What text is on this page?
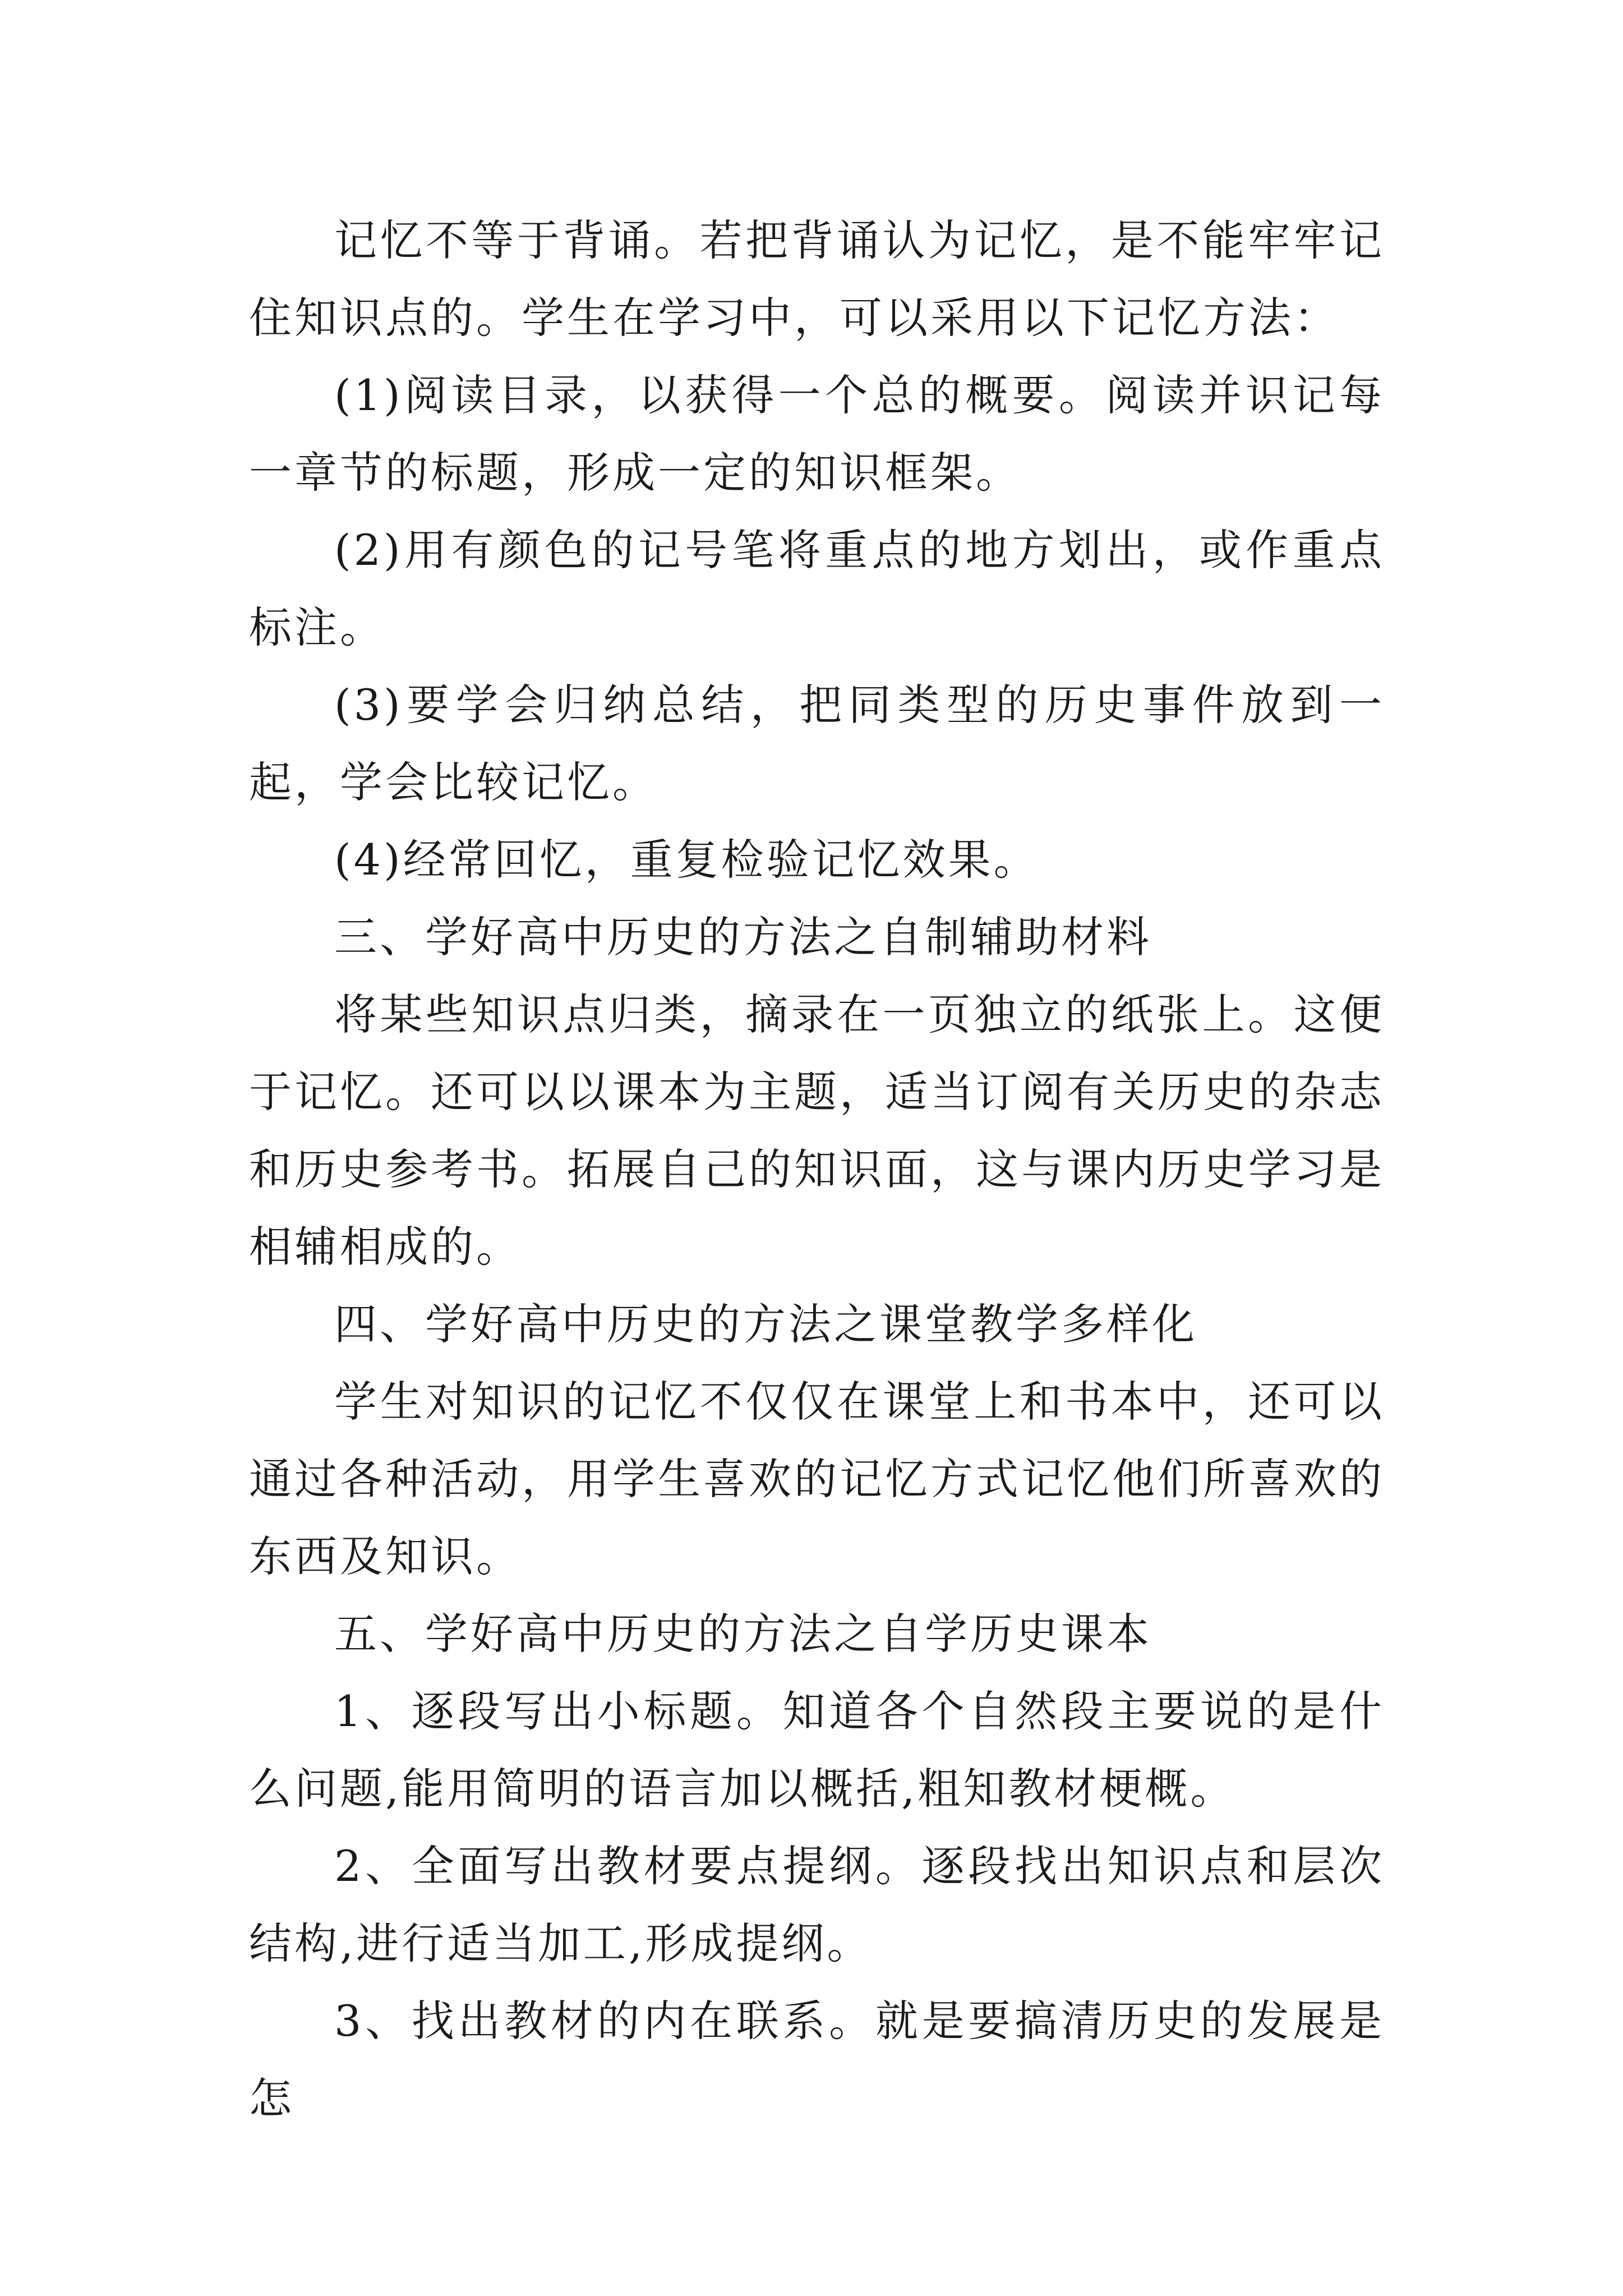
记忆不等于背诵。若把背诵认为记忆，是不能牢牢记住知识点的。学生在学习中，可以采用以下记忆方法：

(1)阅读目录，以获得一个总的概要。阅读并识记每一章节的标题，形成一定的知识框架。

(2)用有颜色的记号笔将重点的地方划出，或作重点标注。

(3)要学会归纳总结，把同类型的历史事件放到一起，学会比较记忆。

(4)经常回忆，重复检验记忆效果。

三、学好高中历史的方法之自制辅助材料

将某些知识点归类，摘录在一页独立的纸张上。这便于记忆。还可以以课本为主题，适当订阅有关历史的杂志和历史参考书。拓展自己的知识面，这与课内历史学习是相辅相成的。

四、学好高中历史的方法之课堂教学多样化

学生对知识的记忆不仅仅在课堂上和书本中，还可以通过各种活动，用学生喜欢的记忆方式记忆他们所喜欢的东西及知识。

五、学好高中历史的方法之自学历史课本

1、逐段写出小标题。知道各个自然段主要说的是什么问题,能用简明的语言加以概括,粗知教材梗概。

2、全面写出教材要点提纲。逐段找出知识点和层次结构,进行适当加工,形成提纲。

3、找出教材的内在联系。就是要搞清历史的发展是怎
